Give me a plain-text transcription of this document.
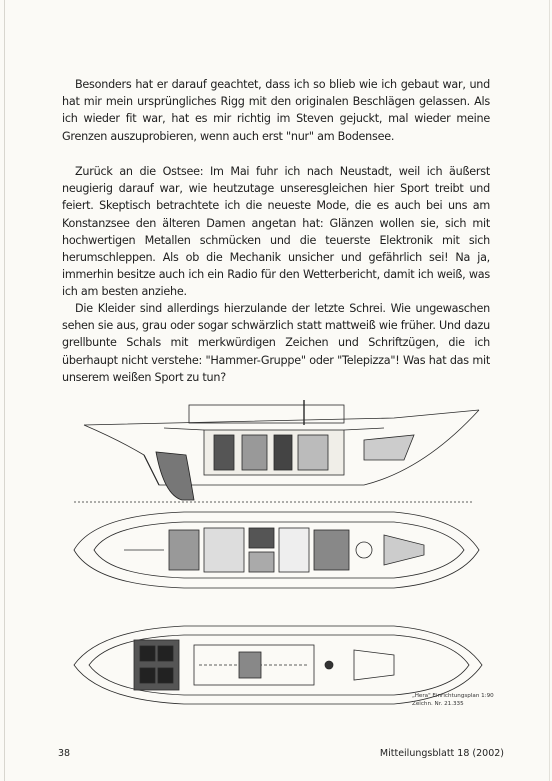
Besonders hat er darauf geachtet, dass ich so blieb wie ich gebaut war, und hat mir mein ursprüngliches Rigg mit den originalen Beschlägen gelassen. Als ich wieder fit war, hat es mir richtig im Steven gejuckt, mal wieder meine Grenzen auszuprobieren, wenn auch erst "nur" am Bodensee.

Zurück an die Ostsee: Im Mai fuhr ich nach Neustadt, weil ich äußerst neugierig darauf war, wie heutzutage unseresgleichen hier Sport treibt und feiert. Skeptisch betrachtete ich die neueste Mode, die es auch bei uns am Konstanzsee den älteren Damen angetan hat: Glänzen wollen sie, sich mit hochwertigen Metallen schmücken und die teuerste Elektronik mit sich herumschleppen. Als ob die Mechanik unsicher und gefährlich sei! Na ja, immerhin besitze auch ich ein Radio für den Wetterbericht, damit ich weiß, was ich am besten anziehe.

Die Kleider sind allerdings hierzulande der letzte Schrei. Wie ungewaschen sehen sie aus, grau oder sogar schwärzlich statt mattweiß wie früher. Und dazu grellbunte Schals mit merkwürdigen Zeichen und Schriftzügen, die ich überhaupt nicht verstehe: "Hammer-Gruppe" oder "Telepizza"! Was hat das mit unserem weißen Sport zu tun?

„Hera" Einrichtungsplan 1:90
Zeichn. Nr. 21.335
38	Mitteilungsblatt 18 (2002)
